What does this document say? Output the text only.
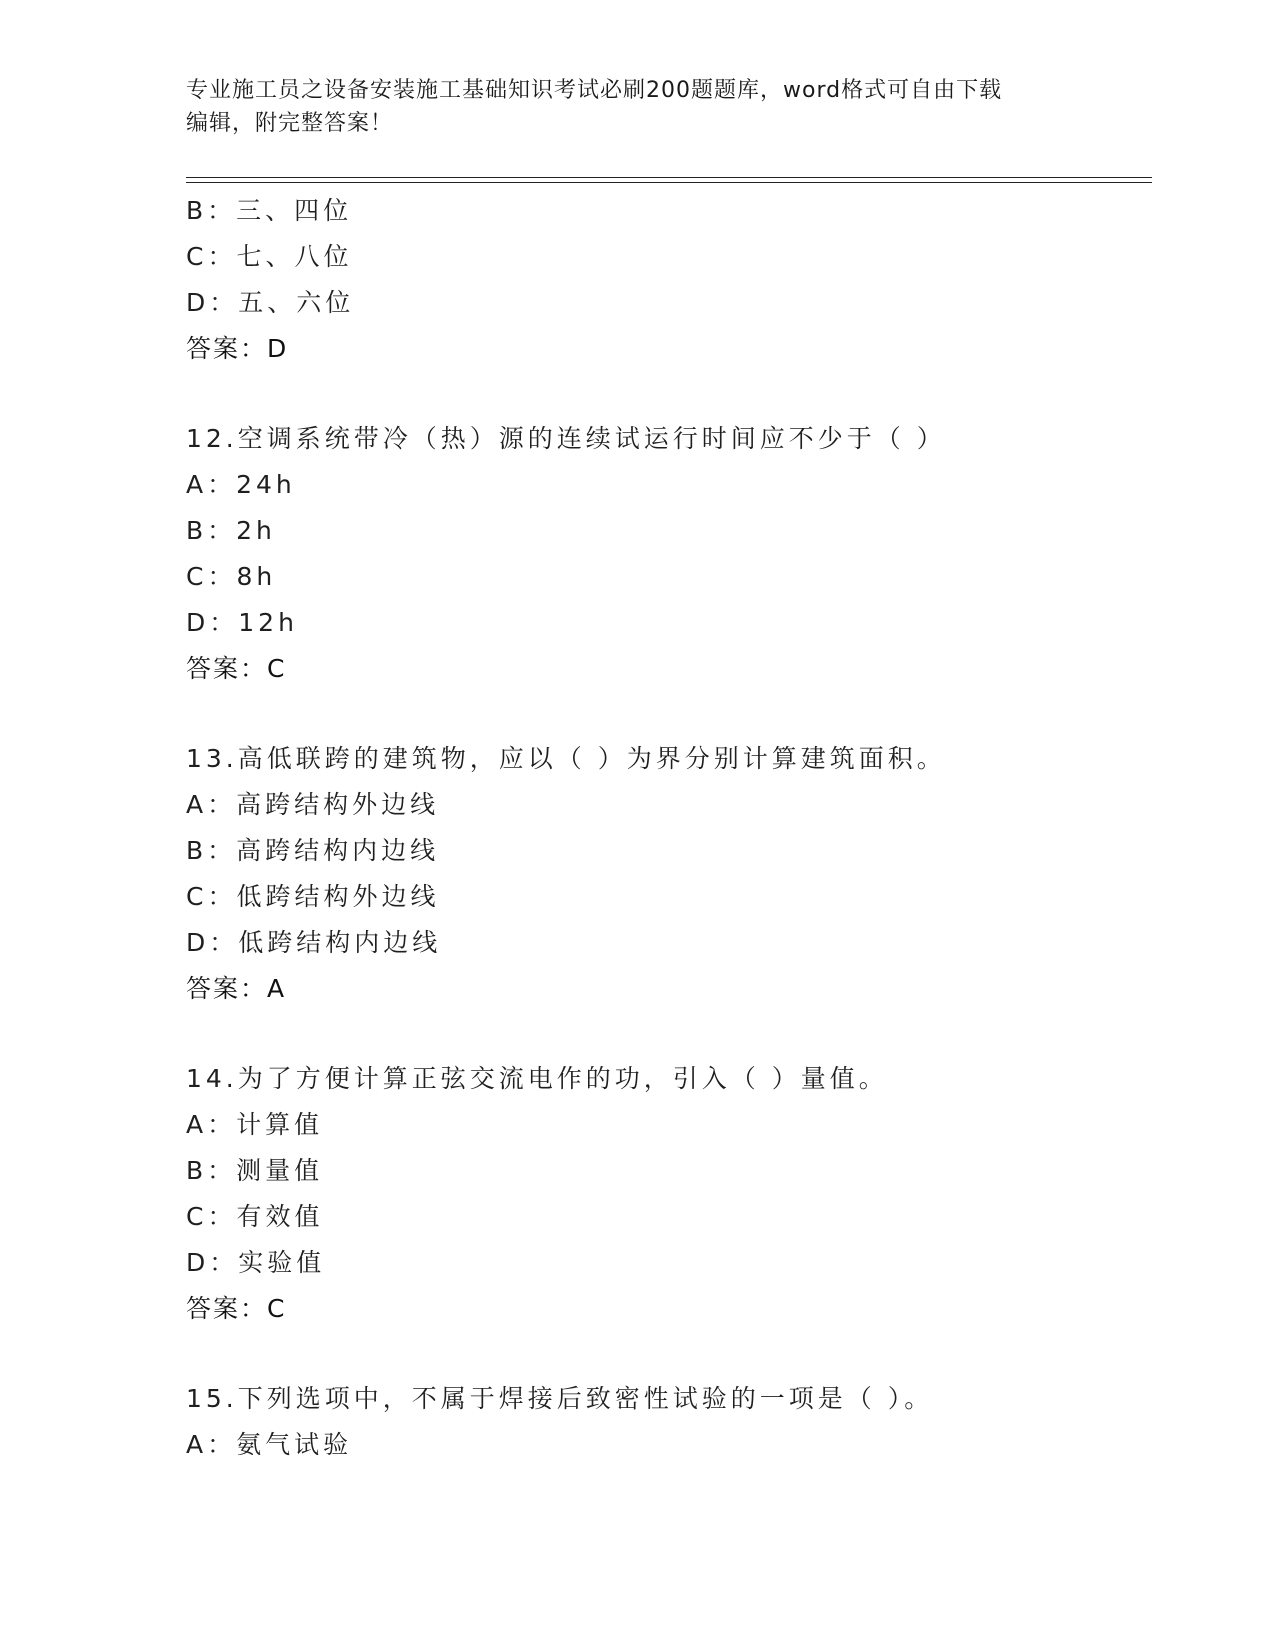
专业施工员之设备安装施工基础知识考试必刷200题题库，word格式可自由下载
编辑，附完整答案！
B：三、四位
C：七、八位
D：五、六位
答案：D
12.空调系统带冷（热）源的连续试运行时间应不少于（ ）
A：24h
B：2h
C：8h
D：12h
答案：C
13.高低联跨的建筑物，应以（ ）为界分别计算建筑面积。
A：高跨结构外边线
B：高跨结构内边线
C：低跨结构外边线
D：低跨结构内边线
答案：A
14.为了方便计算正弦交流电作的功，引入（ ）量值。
A：计算值
B：测量值
C：有效值
D：实验值
答案：C
15.下列选项中，不属于焊接后致密性试验的一项是（ ）。
A：氨气试验
